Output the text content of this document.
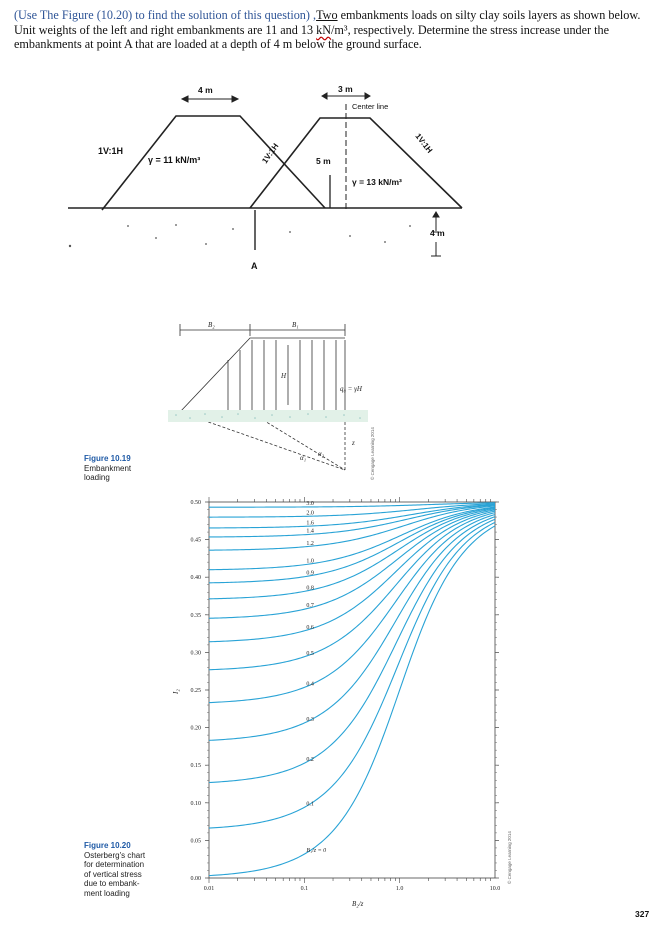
(Use The Figure (10.20) to find the solution of this question) ,Two embankments loads on silty clay soils layers as shown below. Unit weights of the left and right embankments are 11 and 13 kN/m³, respectively. Determine the stress increase under the embankments at point A that are loaded at a depth of 4 m below the ground surface.
4 m	3 m
Center line
1V:1H
γ = 11 kN/m³	1V:1H	1V:1H
5 m
γ = 13 kN/m³
4 m
A
B₂	B₁
H
q₀ = γH
α₁ α₂
z	© Cengage Learning 2014
Figure 10.19
Embankment
loading
0.00
0.05
0.10
0.15
0.20
0.25
0.30
0.35
0.40
0.45
0.50
0.01	0.1	1.0	10.0
3.0
2.0
1.6
1.4
1.2
1.0
0.9
0.8
0.7
0.6
0.5
0.4
0.3
0.2
0.1
B₁/z = 0
B₂/z
I₂
© Cengage Learning 2014
Figure 10.20
Osterberg's chart
for determination
of vertical stress
due to embank-
ment loading
327
